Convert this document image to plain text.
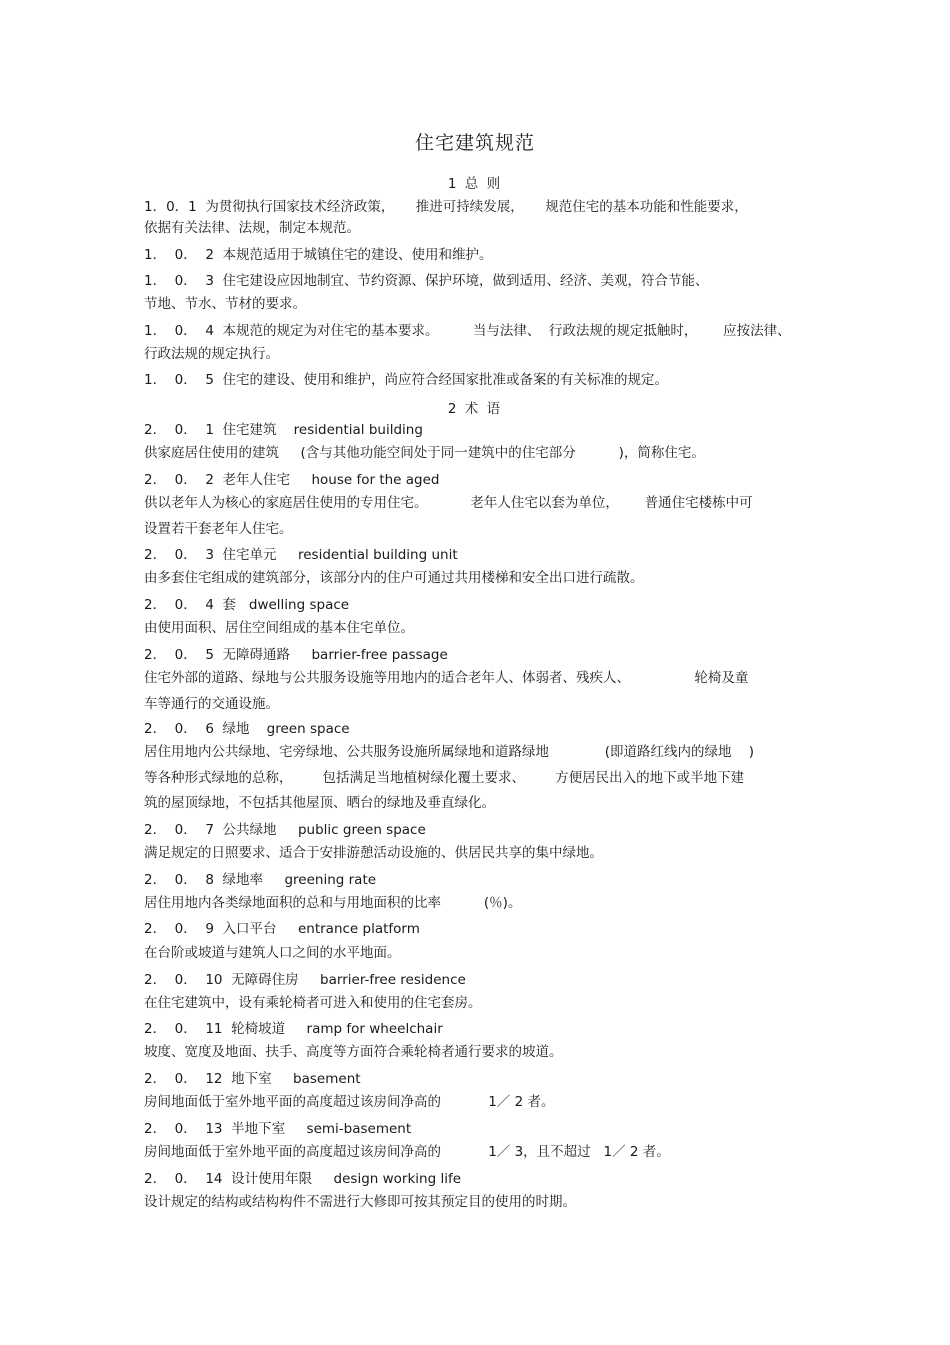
住宅建筑规范
1 总 则
1．0．1  为贯彻执行国家技术经济政策，     推进可持续发展，     规范住宅的基本功能和性能要求，
依据有关法律、法规，制定本规范。
1．  0．  2  本规范适用于城镇住宅的建设、使用和维护。
1．  0．  3  住宅建设应因地制宜、节约资源、保护环境，做到适用、经济、美观，符合节能、
节地、节水、节材的要求。
1．  0．  4  本规范的规定为对住宅的基本要求。        当与法律、  行政法规的规定抵触时，      应按法律、
行政法规的规定执行。
1．  0．  5  住宅的建设、使用和维护，尚应符合经国家批准或备案的有关标准的规定。
2 术 语
2．  0．  1  住宅建筑    residential building
供家庭居住使用的建筑     (含与其他功能空间处于同一建筑中的住宅部分          )，简称住宅。
2．  0．  2  老年人住宅     house for the aged
供以老年人为核心的家庭居住使用的专用住宅。          老年人住宅以套为单位，      普通住宅楼栋中可
设置若干套老年人住宅。
2．  0．  3  住宅单元     residential building unit
由多套住宅组成的建筑部分，该部分内的住户可通过共用楼梯和安全出口进行疏散。
2．  0．  4  套   dwelling space
由使用面积、居住空间组成的基本住宅单位。
2．  0．  5  无障碍通路     barrier-free passage
住宅外部的道路、绿地与公共服务设施等用地内的适合老年人、体弱者、残疾人、               轮椅及童
车等通行的交通设施。
2．  0．  6  绿地    green space
居住用地内公共绿地、宅旁绿地、公共服务设施所属绿地和道路绿地             (即道路红线内的绿地    )
等各种形式绿地的总称，       包括满足当地植树绿化覆土要求、       方便居民出入的地下或半地下建
筑的屋顶绿地，不包括其他屋顶、晒台的绿地及垂直绿化。
2．  0．  7  公共绿地     public green space
满足规定的日照要求、适合于安排游憩活动设施的、供居民共享的集中绿地。
2．  0．  8  绿地率     greening rate
居住用地内各类绿地面积的总和与用地面积的比率          (％)。
2．  0．  9  入口平台     entrance platform
在台阶或坡道与建筑人口之间的水平地面。
2．  0．  10  无障碍住房     barrier-free residence
在住宅建筑中，设有乘轮椅者可进入和使用的住宅套房。
2．  0．  11  轮椅坡道     ramp for wheelchair
坡度、宽度及地面、扶手、高度等方面符合乘轮椅者通行要求的坡道。
2．  0．  12  地下室     basement
房间地面低于室外地平面的高度超过该房间净高的           1／ 2 者。
2．  0．  13  半地下室     semi-basement
房间地面低于室外地平面的高度超过该房间净高的           1／ 3，且不超过   1／ 2 者。
2．  0．  14  设计使用年限     design working life
设计规定的结构或结构构件不需进行大修即可按其预定目的使用的时期。
